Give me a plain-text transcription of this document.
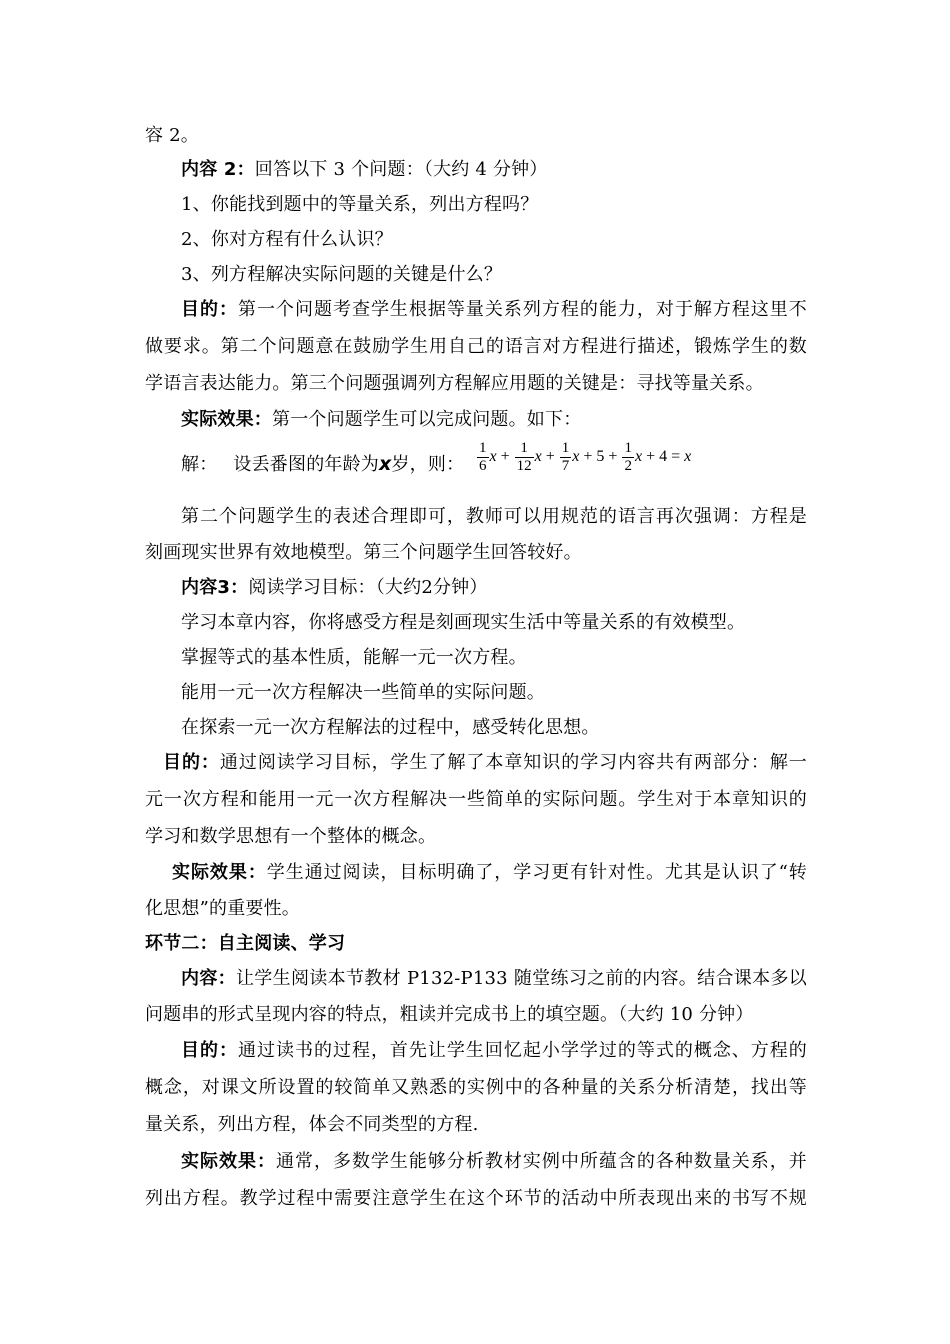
容 2。
内容 2：回答以下 3 个问题：（大约 4 分钟）
1、你能找到题中的等量关系，列出方程吗？
2、你对方程有什么认识？
3、列方程解决实际问题的关键是什么？
目的：第一个问题考查学生根据等量关系列方程的能力，对于解方程这里不
做要求。第二个问题意在鼓励学生用自己的语言对方程进行描述，锻炼学生的数
学语言表达能力。第三个问题强调列方程解应用题的关键是：寻找等量关系。
实际效果：第一个问题学生可以完成问题。如下：
解： 设丢番图的年龄为x岁，则： $\frac{1}{6}$ $x + \frac{1}{12}$ $x + \frac{1}{7}$ $x + 5 + \frac{1}{2}$ x + 4 = x
第二个问题学生的表述合理即可，教师可以用规范的语言再次强调：方程是
刻画现实世界有效地模型。第三个问题学生回答较好。
内容3：阅读学习目标：（大约2分钟）
学习本章内容，你将感受方程是刻画现实生活中等量关系的有效模型。
掌握等式的基本性质，能解一元一次方程。
能用一元一次方程解决一些简单的实际问题。
在探索一元一次方程解法的过程中，感受转化思想。
目的：通过阅读学习目标，学生了解了本章知识的学习内容共有两部分：解一
元一次方程和能用一元一次方程解决一些简单的实际问题。学生对于本章知识的
学习和数学思想有一个整体的概念。
实际效果：学生通过阅读，目标明确了，学习更有针对性。尤其是认识了“转
化思想”的重要性。
环节二：自主阅读、学习
内容：让学生阅读本节教材 P132-P133 随堂练习之前的内容。结合课本多以
问题串的形式呈现内容的特点，粗读并完成书上的填空题。（大约 10 分钟）
目的：通过读书的过程，首先让学生回忆起小学学过的等式的概念、方程的
概念，对课文所设置的较简单又熟悉的实例中的各种量的关系分析清楚，找出等
量关系，列出方程，体会不同类型的方程.
实际效果：通常，多数学生能够分析教材实例中所蕴含的各种数量关系，并
列出方程。教学过程中需要注意学生在这个环节的活动中所表现出来的书写不规
